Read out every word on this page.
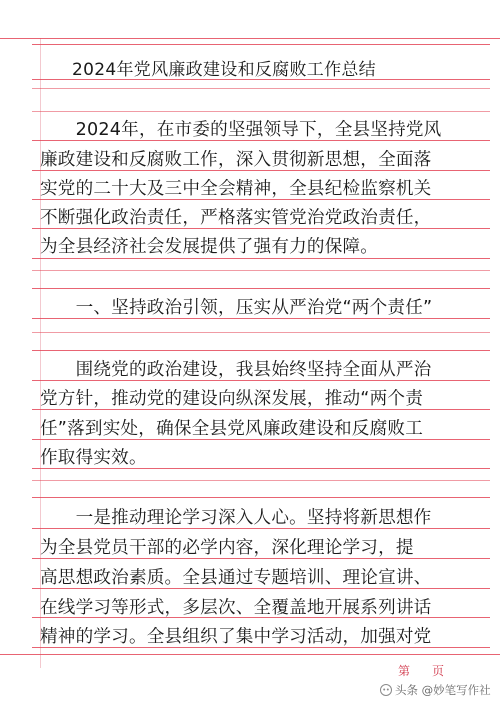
2024年党风廉政建设和反腐败工作总结
　　2024年，在市委的坚强领导下，全县坚持党风
廉政建设和反腐败工作，深入贯彻新思想，全面落
实党的二十大及三中全会精神，全县纪检监察机关
不断强化政治责任，严格落实管党治党政治责任，
为全县经济社会发展提供了强有力的保障。
　　一、坚持政治引领，压实从严治党“两个责任”
　　围绕党的政治建设，我县始终坚持全面从严治
党方针，推动党的建设向纵深发展，推动“两个责
任”落到实处，确保全县党风廉政建设和反腐败工
作取得实效。
　　一是推动理论学习深入人心。坚持将新思想作
为全县党员干部的必学内容，深化理论学习，提
高思想政治素质。全县通过专题培训、理论宣讲、
在线学习等形式，多层次、全覆盖地开展系列讲话
精神的学习。全县组织了集中学习活动，加强对党
第页
头条 @妙笔写作社
